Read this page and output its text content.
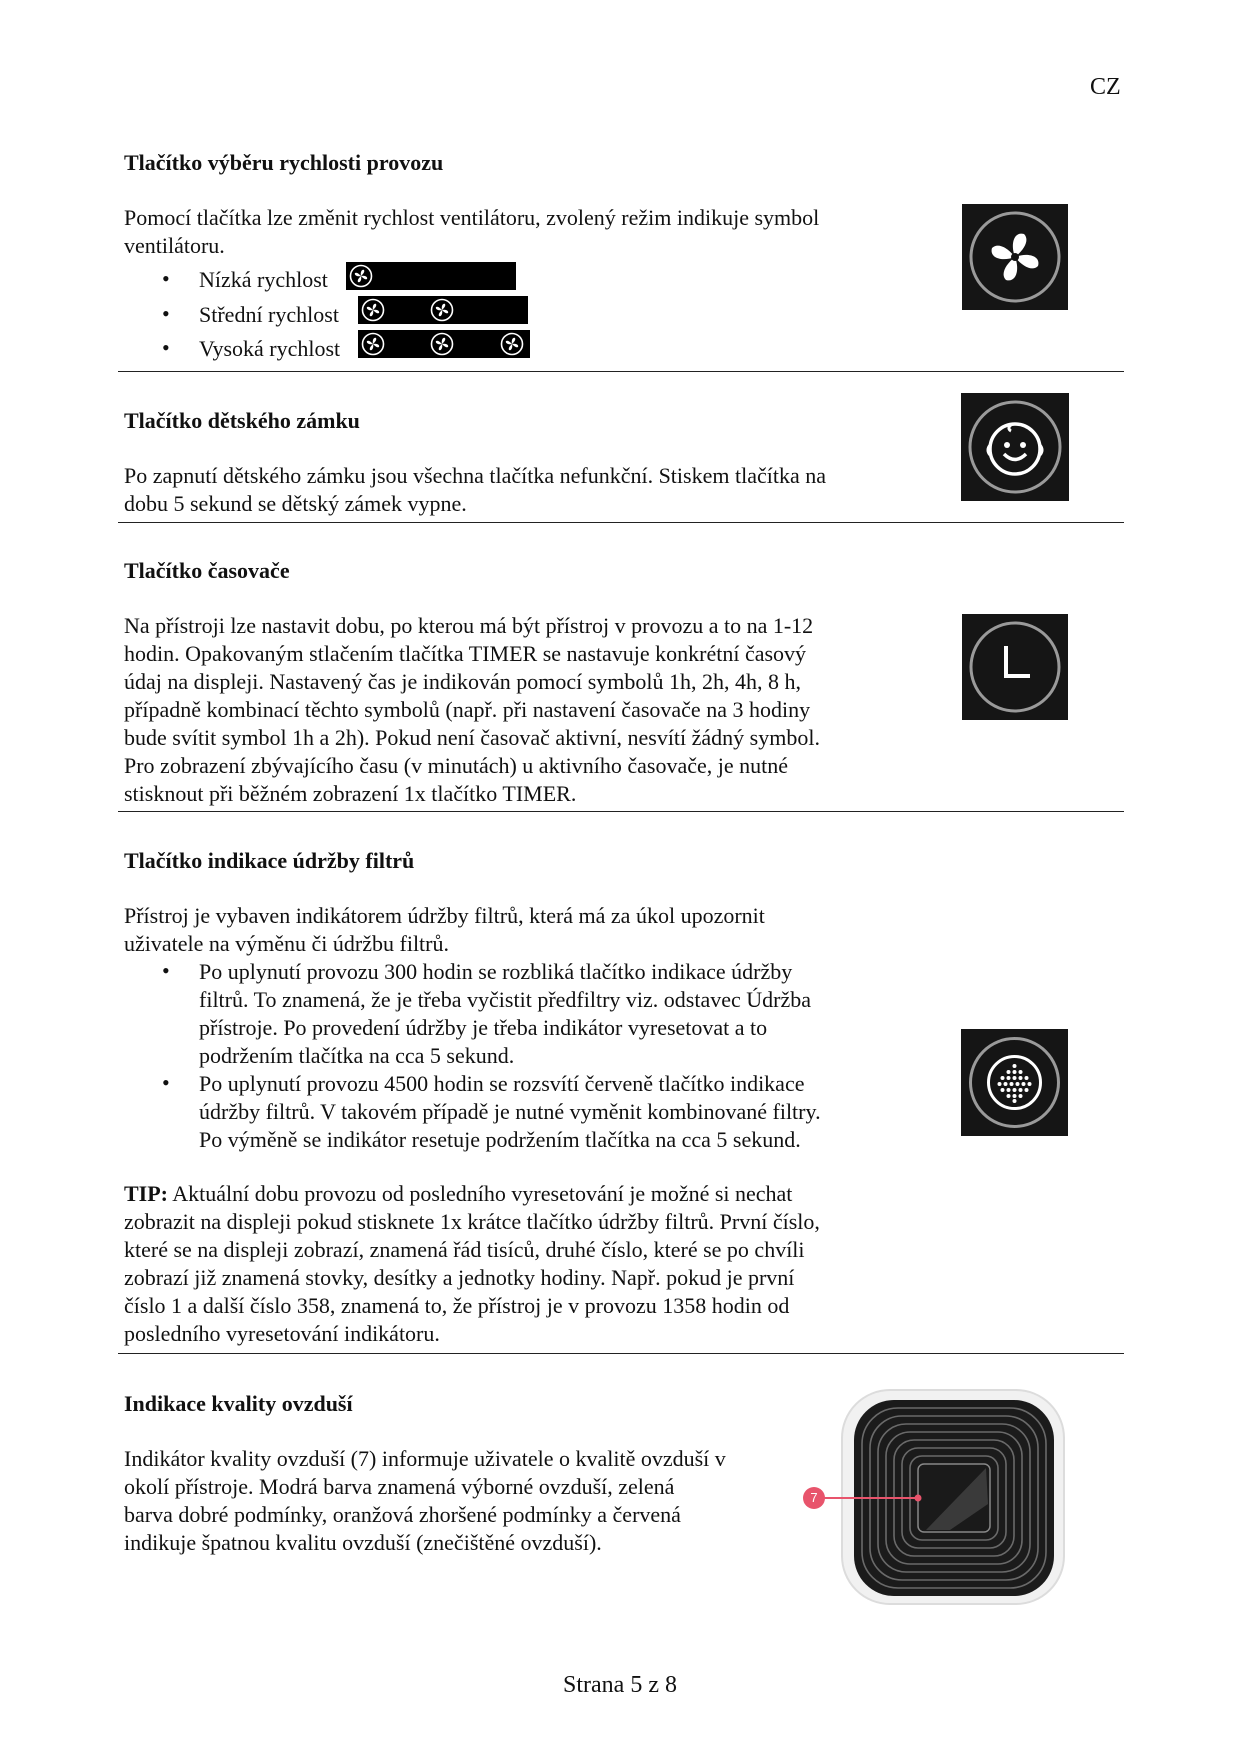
CZ
Tlačítko výběru rychlosti provozu
Pomocí tlačítka lze změnit rychlost ventilátoru, zvolený režim indikuje symbol
ventilátoru.
• Nízká rychlost
• Střední rychlost
• Vysoká rychlost
Tlačítko dětského zámku
Po zapnutí dětského zámku jsou všechna tlačítka nefunkční. Stiskem tlačítka na
dobu 5 sekund se dětský zámek vypne.
Tlačítko časovače
Na přístroji lze nastavit dobu, po kterou má být přístroj v provozu a to na 1-12
hodin. Opakovaným stlačením tlačítka TIMER se nastavuje konkrétní časový
údaj na displeji. Nastavený čas je indikován pomocí symbolů 1h, 2h, 4h, 8 h,
případně kombinací těchto symbolů (např. při nastavení časovače na 3 hodiny
bude svítit symbol 1h a 2h). Pokud není časovač aktivní, nesvítí žádný symbol.
Pro zobrazení zbývajícího času (v minutách) u aktivního časovače, je nutné
stisknout při běžném zobrazení 1x tlačítko TIMER.
Tlačítko indikace údržby filtrů
Přístroj je vybaven indikátorem údržby filtrů, která má za úkol upozornit
uživatele na výměnu či údržbu filtrů.
• Po uplynutí provozu 300 hodin se rozbliká tlačítko indikace údržby
filtrů. To znamená, že je třeba vyčistit předfiltry viz. odstavec Údržba
přístroje. Po provedení údržby je třeba indikátor vyresetovat a to
podržením tlačítka na cca 5 sekund.
• Po uplynutí provozu 4500 hodin se rozsvítí červeně tlačítko indikace
údržby filtrů. V takovém případě je nutné vyměnit kombinované filtry.
Po výměně se indikátor resetuje podržením tlačítka na cca 5 sekund.
TIP: Aktuální dobu provozu od posledního vyresetování je možné si nechat
zobrazit na displeji pokud stisknete 1x krátce tlačítko údržby filtrů. První číslo,
které se na displeji zobrazí, znamená řád tisíců, druhé číslo, které se po chvíli
zobrazí již znamená stovky, desítky a jednotky hodiny. Např. pokud je první
číslo 1 a další číslo 358, znamená to, že přístroj je v provozu 1358 hodin od
posledního vyresetování indikátoru.
Indikace kvality ovzduší
Indikátor kvality ovzduší (7) informuje uživatele o kvalitě ovzduší v
okolí přístroje. Modrá barva znamená výborné ovzduší, zelená
barva dobré podmínky, oranžová zhoršené podmínky a červená
indikuje špatnou kvalitu ovzduší (znečištěné ovzduší).
7
Strana 5 z 8
